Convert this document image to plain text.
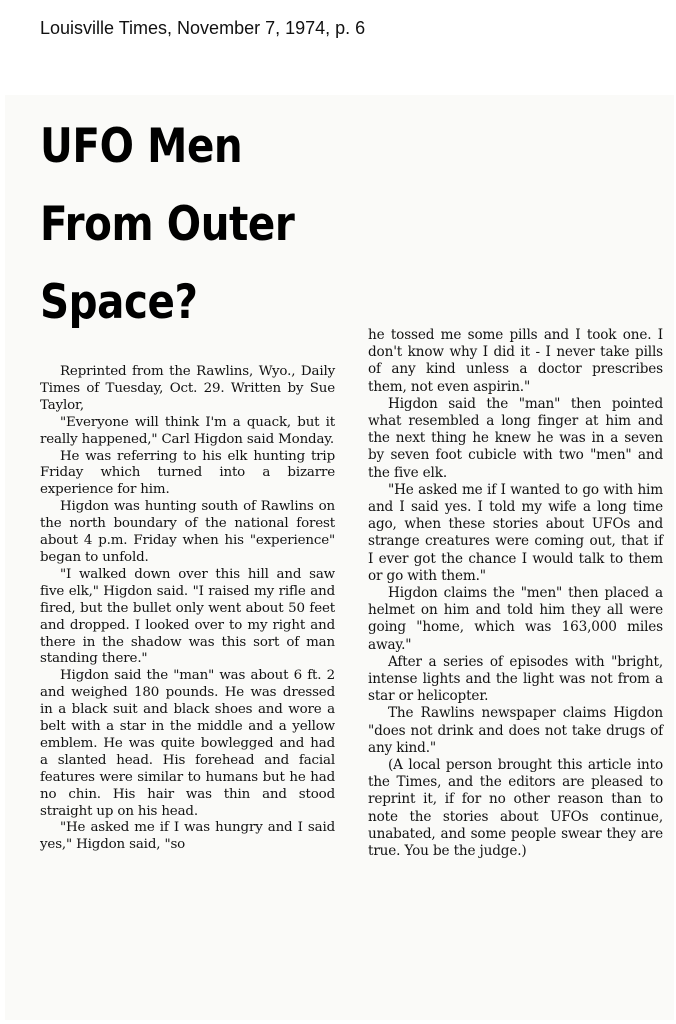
Louisville Times, November 7, 1974, p. 6

UFO Men
From Outer
Space?

Reprinted from the Rawlins, Wyo., Daily Times of Tuesday, Oct. 29. Written by Sue Taylor,

"Everyone will think I'm a quack, but it really happened," Carl Higdon said Monday.

He was referring to his elk hunting trip Friday which turned into a bizarre experience for him.

Higdon was hunting south of Rawlins on the north boundary of the national forest about 4 p.m. Friday when his "experience" began to unfold.

"I walked down over this hill and saw five elk," Higdon said. "I raised my rifle and fired, but the bullet only went about 50 feet and dropped. I looked over to my right and there in the shadow was this sort of man standing there."

Higdon said the "man" was about 6 ft. 2 and weighed 180 pounds. He was dressed in a black suit and black shoes and wore a belt with a star in the middle and a yellow emblem. He was quite bowlegged and had a slanted head. His forehead and facial features were similar to humans but he had no chin. His hair was thin and stood straight up on his head.

"He asked me if I was hungry and I said yes," Higdon said, "so

he tossed me some pills and I took one. I don't know why I did it - I never take pills of any kind unless a doctor prescribes them, not even aspirin."

Higdon said the "man" then pointed what resembled a long finger at him and the next thing he knew he was in a seven by seven foot cubicle with two "men" and the five elk.

"He asked me if I wanted to go with him and I said yes. I told my wife a long time ago, when these stories about UFOs and strange creatures were coming out, that if I ever got the chance I would talk to them or go with them."

Higdon claims the "men" then placed a helmet on him and told him they all were going "home, which was 163,000 miles away."

After a series of episodes with "bright, intense lights and the light was not from a star or helicopter.

The Rawlins newspaper claims Higdon "does not drink and does not take drugs of any kind."

(A local person brought this article into the Times, and the editors are pleased to reprint it, if for no other reason than to note the stories about UFOs continue, unabated, and some people swear they are true. You be the judge.)
